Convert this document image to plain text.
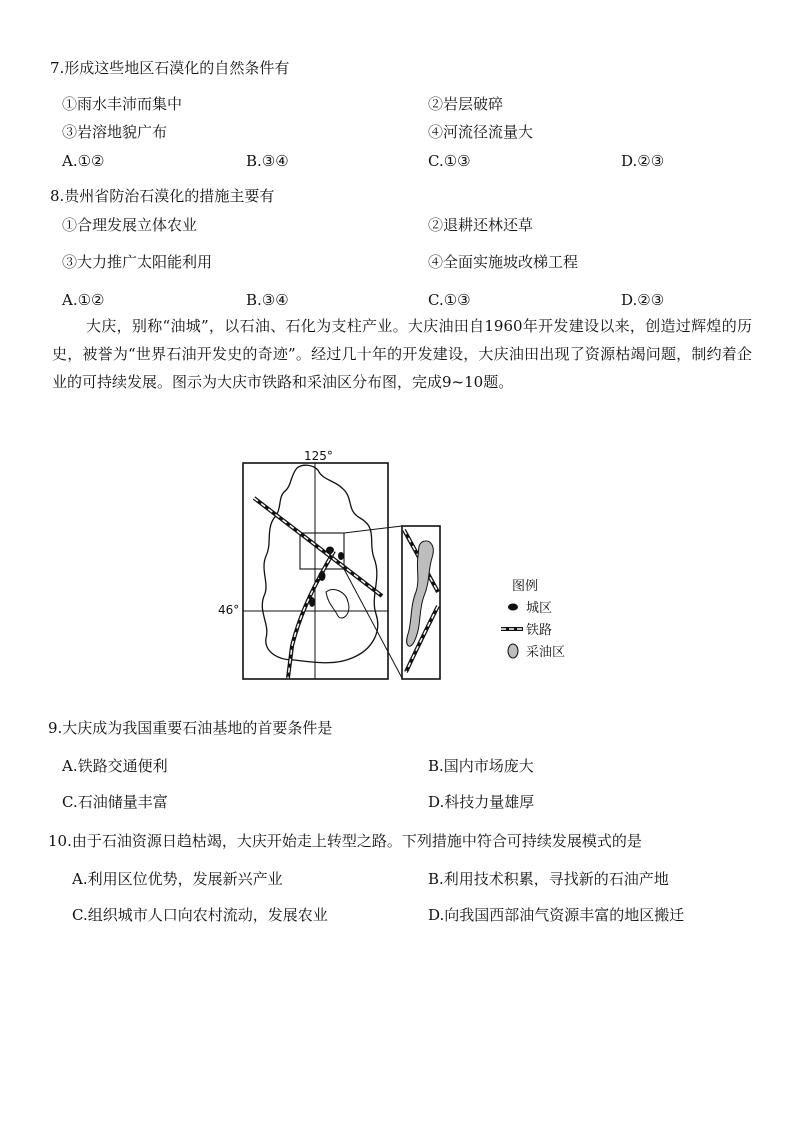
7.形成这些地区石漠化的自然条件有
①雨水丰沛而集中	②岩层破碎
③岩溶地貌广布	④河流径流量大
A.①②	B.③④	C.①③	D.②③
8.贵州省防治石漠化的措施主要有
①合理发展立体农业	②退耕还林还草
③大力推广太阳能利用	④全面实施坡改梯工程
A.①②	B.③④	C.①③	D.②③

大庆，别称“油城”，以石油、石化为支柱产业。大庆油田自1960年开发建设以来，创造过辉煌的历史，被誉为“世界石油开发史的奇迹”。经过几十年的开发建设，大庆油田出现了资源枯竭问题，制约着企业的可持续发展。图示为大庆市铁路和采油区分布图，完成9~10题。

125°
46°
图例
城区
铁路
采油区
9.大庆成为我国重要石油基地的首要条件是
A.铁路交通便利	B.国内市场庞大
C.石油储量丰富	D.科技力量雄厚
10.由于石油资源日趋枯竭，大庆开始走上转型之路。下列措施中符合可持续发展模式的是
A.利用区位优势，发展新兴产业	B.利用技术积累，寻找新的石油产地
C.组织城市人口向农村流动，发展农业	D.向我国西部油气资源丰富的地区搬迁
